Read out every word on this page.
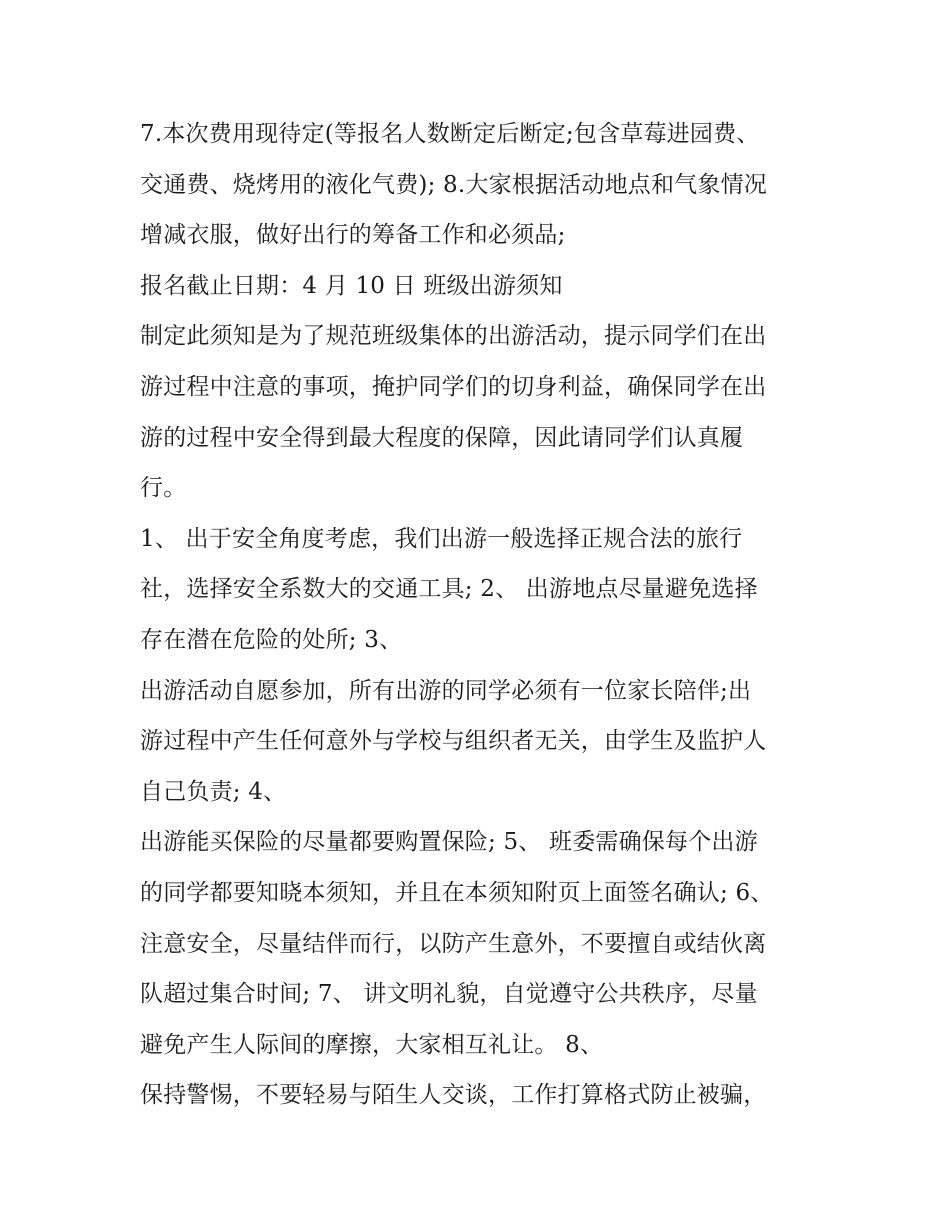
7.本次费用现待定(等报名人数断定后断定;包含草莓进园费、
交通费、烧烤用的液化气费); 8.大家根据活动地点和气象情况
增减衣服，做好出行的筹备工作和必须品;
报名截止日期：4 月 10 日 班级出游须知
制定此须知是为了规范班级集体的出游活动，提示同学们在出
游过程中注意的事项，掩护同学们的切身利益，确保同学在出
游的过程中安全得到最大程度的保障，因此请同学们认真履
行。
1、 出于安全角度考虑，我们出游一般选择正规合法的旅行
社，选择安全系数大的交通工具; 2、 出游地点尽量避免选择
存在潜在危险的处所; 3、
出游活动自愿参加，所有出游的同学必须有一位家长陪伴;出
游过程中产生任何意外与学校与组织者无关，由学生及监护人
自己负责; 4、
出游能买保险的尽量都要购置保险; 5、 班委需确保每个出游
的同学都要知晓本须知，并且在本须知附页上面签名确认; 6、
注意安全，尽量结伴而行，以防产生意外，不要擅自或结伙离
队超过集合时间; 7、 讲文明礼貌，自觉遵守公共秩序，尽量
避免产生人际间的摩擦，大家相互礼让。 8、
保持警惕，不要轻易与陌生人交谈，工作打算格式防止被骗，
